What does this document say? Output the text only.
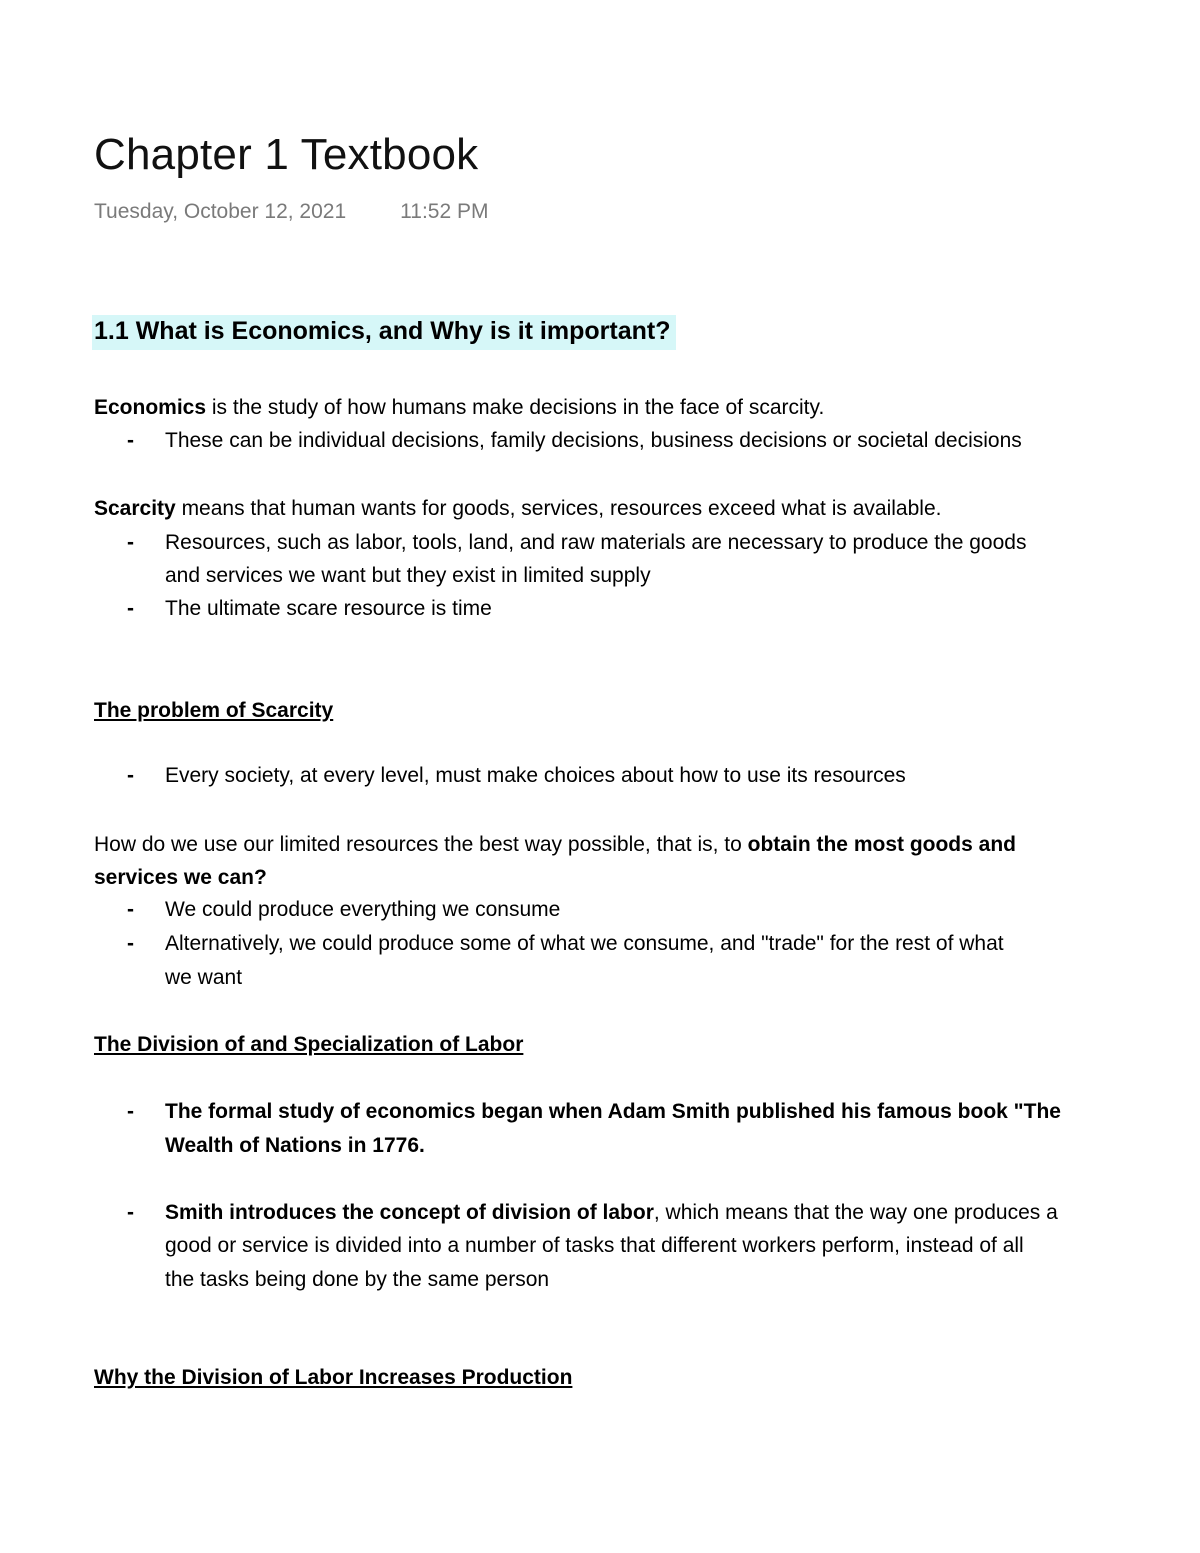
Chapter 1 Textbook
Tuesday, October 12, 2021	11:52 PM
1.1 What is Economics, and Why is it important?
Economics is the study of how humans make decisions in the face of scarcity.
- These can be individual decisions, family decisions, business decisions or societal decisions
Scarcity means that human wants for goods, services, resources exceed what is available.
- Resources, such as labor, tools, land, and raw materials are necessary to produce the goods
and services we want but they exist in limited supply
- The ultimate scare resource is time
The problem of Scarcity
- Every society, at every level, must make choices about how to use its resources
How do we use our limited resources the best way possible, that is, to obtain the most goods and
services we can?
- We could produce everything we consume
- Alternatively, we could produce some of what we consume, and "trade" for the rest of what
we want
The Division of and Specialization of Labor
- The formal study of economics began when Adam Smith published his famous book "The
Wealth of Nations in 1776.
- Smith introduces the concept of division of labor, which means that the way one produces a
good or service is divided into a number of tasks that different workers perform, instead of all
the tasks being done by the same person
Why the Division of Labor Increases Production
